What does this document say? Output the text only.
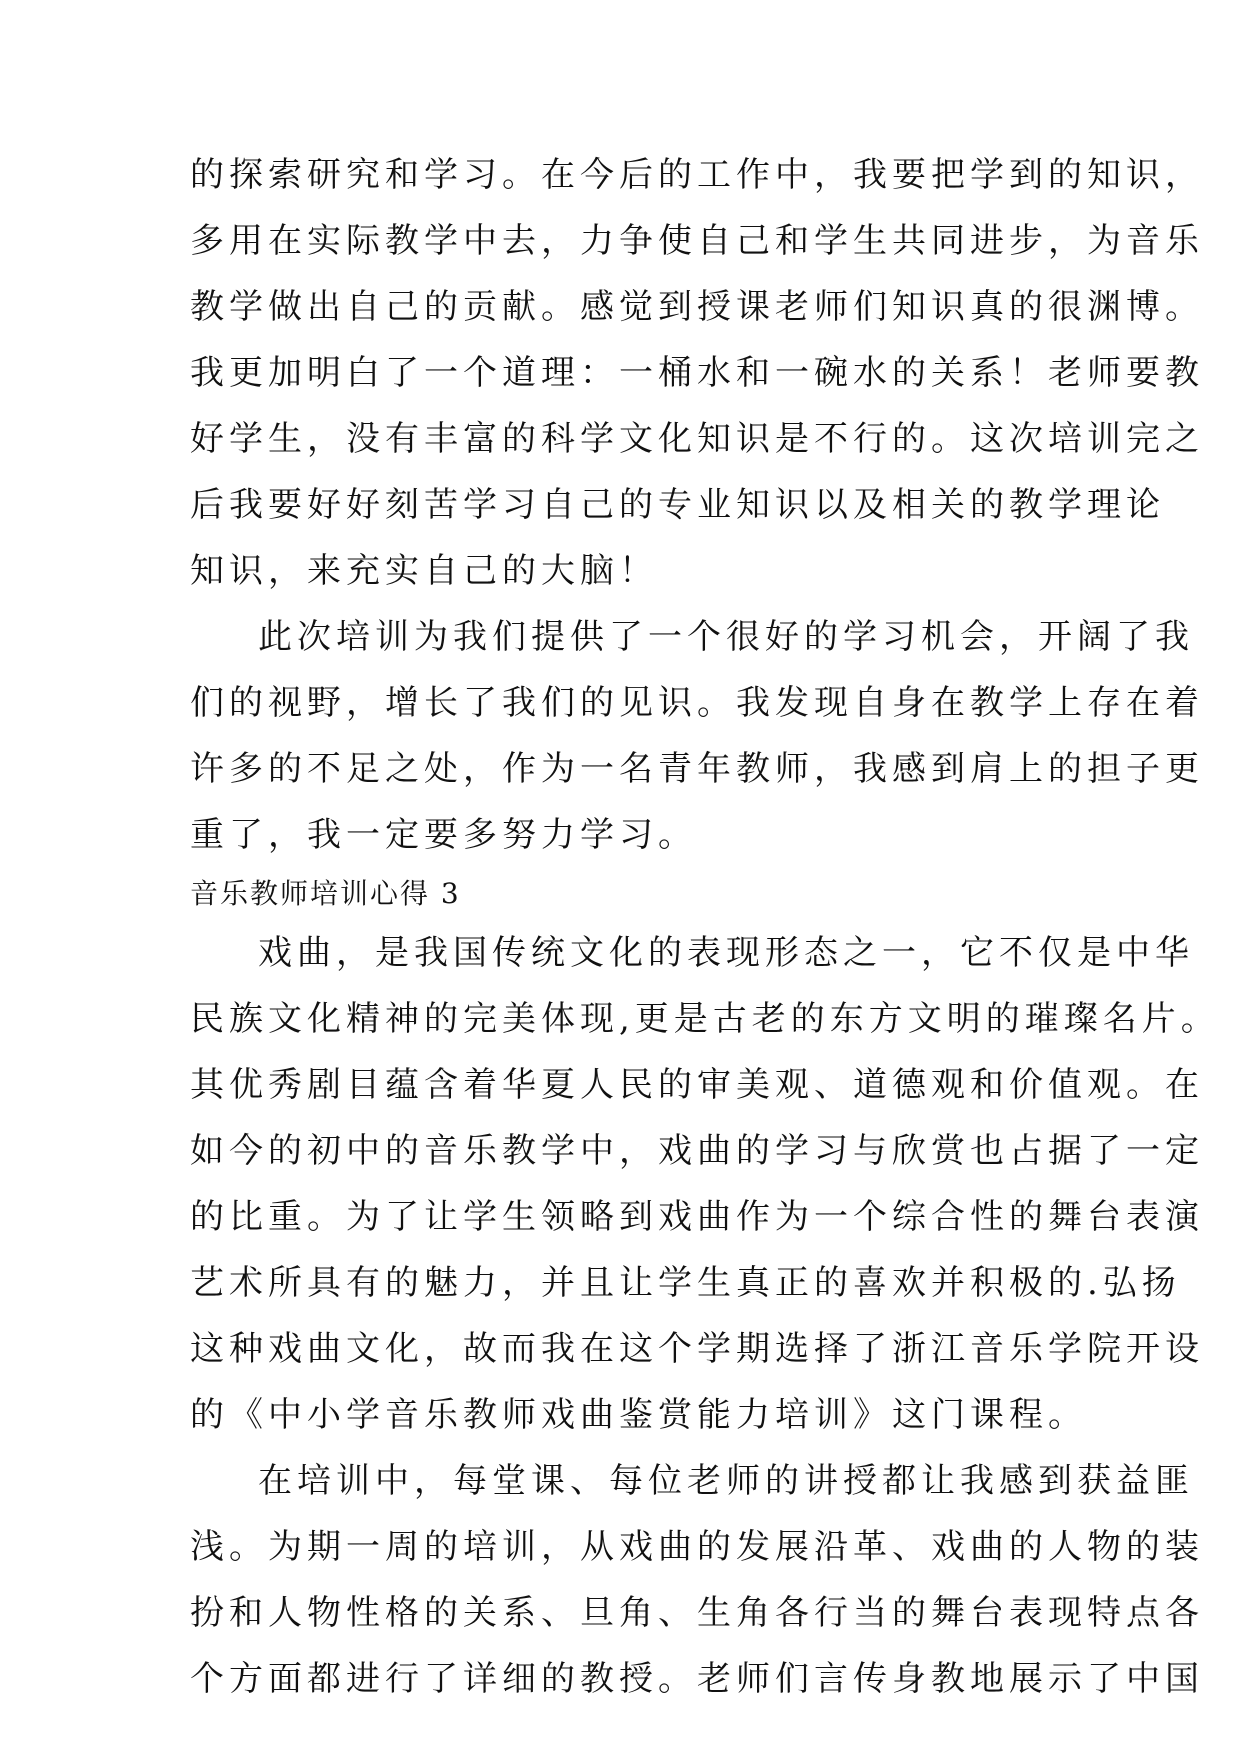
的探索研究和学习。在今后的工作中，我要把学到的知识，
多用在实际教学中去，力争使自己和学生共同进步，为音乐
教学做出自己的贡献。感觉到授课老师们知识真的很渊博。
我更加明白了一个道理：一桶水和一碗水的关系！老师要教
好学生，没有丰富的科学文化知识是不行的。这次培训完之
后我要好好刻苦学习自己的专业知识以及相关的教学理论
知识，来充实自己的大脑！
此次培训为我们提供了一个很好的学习机会，开阔了我
们的视野，增长了我们的见识。我发现自身在教学上存在着
许多的不足之处，作为一名青年教师，我感到肩上的担子更
重了，我一定要多努力学习。
音乐教师培训心得 3
戏曲，是我国传统文化的表现形态之一，它不仅是中华
民族文化精神的完美体现,更是古老的东方文明的璀璨名片。
其优秀剧目蕴含着华夏人民的审美观、道德观和价值观。在
如今的初中的音乐教学中，戏曲的学习与欣赏也占据了一定
的比重。为了让学生领略到戏曲作为一个综合性的舞台表演
艺术所具有的魅力，并且让学生真正的喜欢并积极的.弘扬
这种戏曲文化，故而我在这个学期选择了浙江音乐学院开设
的《中小学音乐教师戏曲鉴赏能力培训》这门课程。
在培训中，每堂课、每位老师的讲授都让我感到获益匪
浅。为期一周的培训，从戏曲的发展沿革、戏曲的人物的装
扮和人物性格的关系、旦角、生角各行当的舞台表现特点各
个方面都进行了详细的教授。老师们言传身教地展示了中国
